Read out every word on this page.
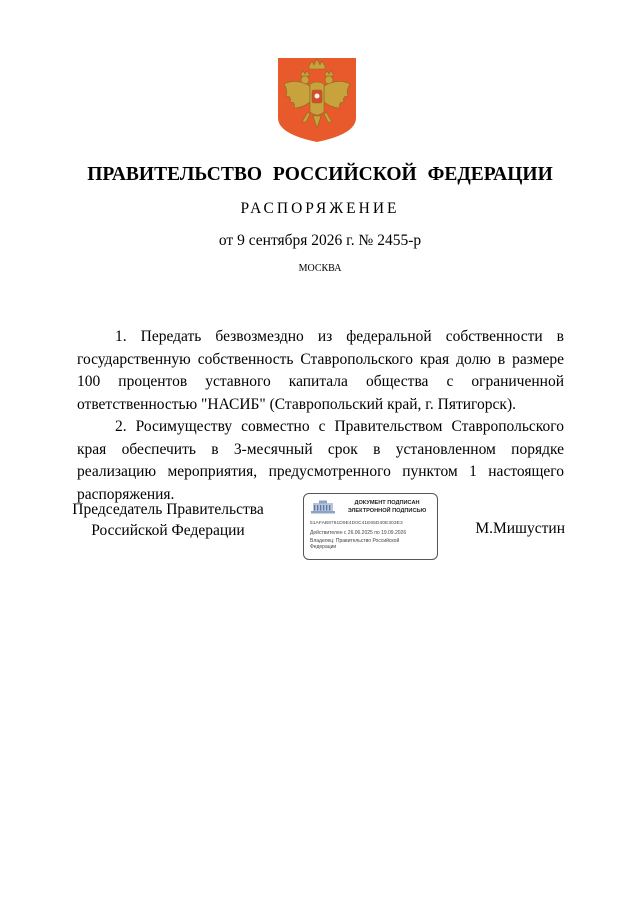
ПРАВИТЕЛЬСТВО РОССИЙСКОЙ ФЕДЕРАЦИИ
РАСПОРЯЖЕНИЕ
от 9 сентября 2026 г. № 2455-р
МОСКВА

1. Передать безвозмездно из федеральной собственности в государственную собственность Ставропольского края долю в размере 100 процентов уставного капитала общества с ограниченной ответственностью "НАСИБ" (Ставропольский край, г. Пятигорск).

2. Росимуществу совместно с Правительством Ставропольского края обеспечить в 3-месячный срок в установленном порядке реализацию мероприятия, предусмотренного пунктом 1 настоящего распоряжения.

Председатель Правительства
Российской Федерации
ДОКУМЕНТ ПОДПИСАН
ЭЛЕКТРОННОЙ ПОДПИСЬЮ
51AFAB8781D9E4D0C41E65D40E303E3
Действителен с 26.06.2025 по 19.09.2026
Владелец: Правительство Российской Федерации
М.Мишустин
